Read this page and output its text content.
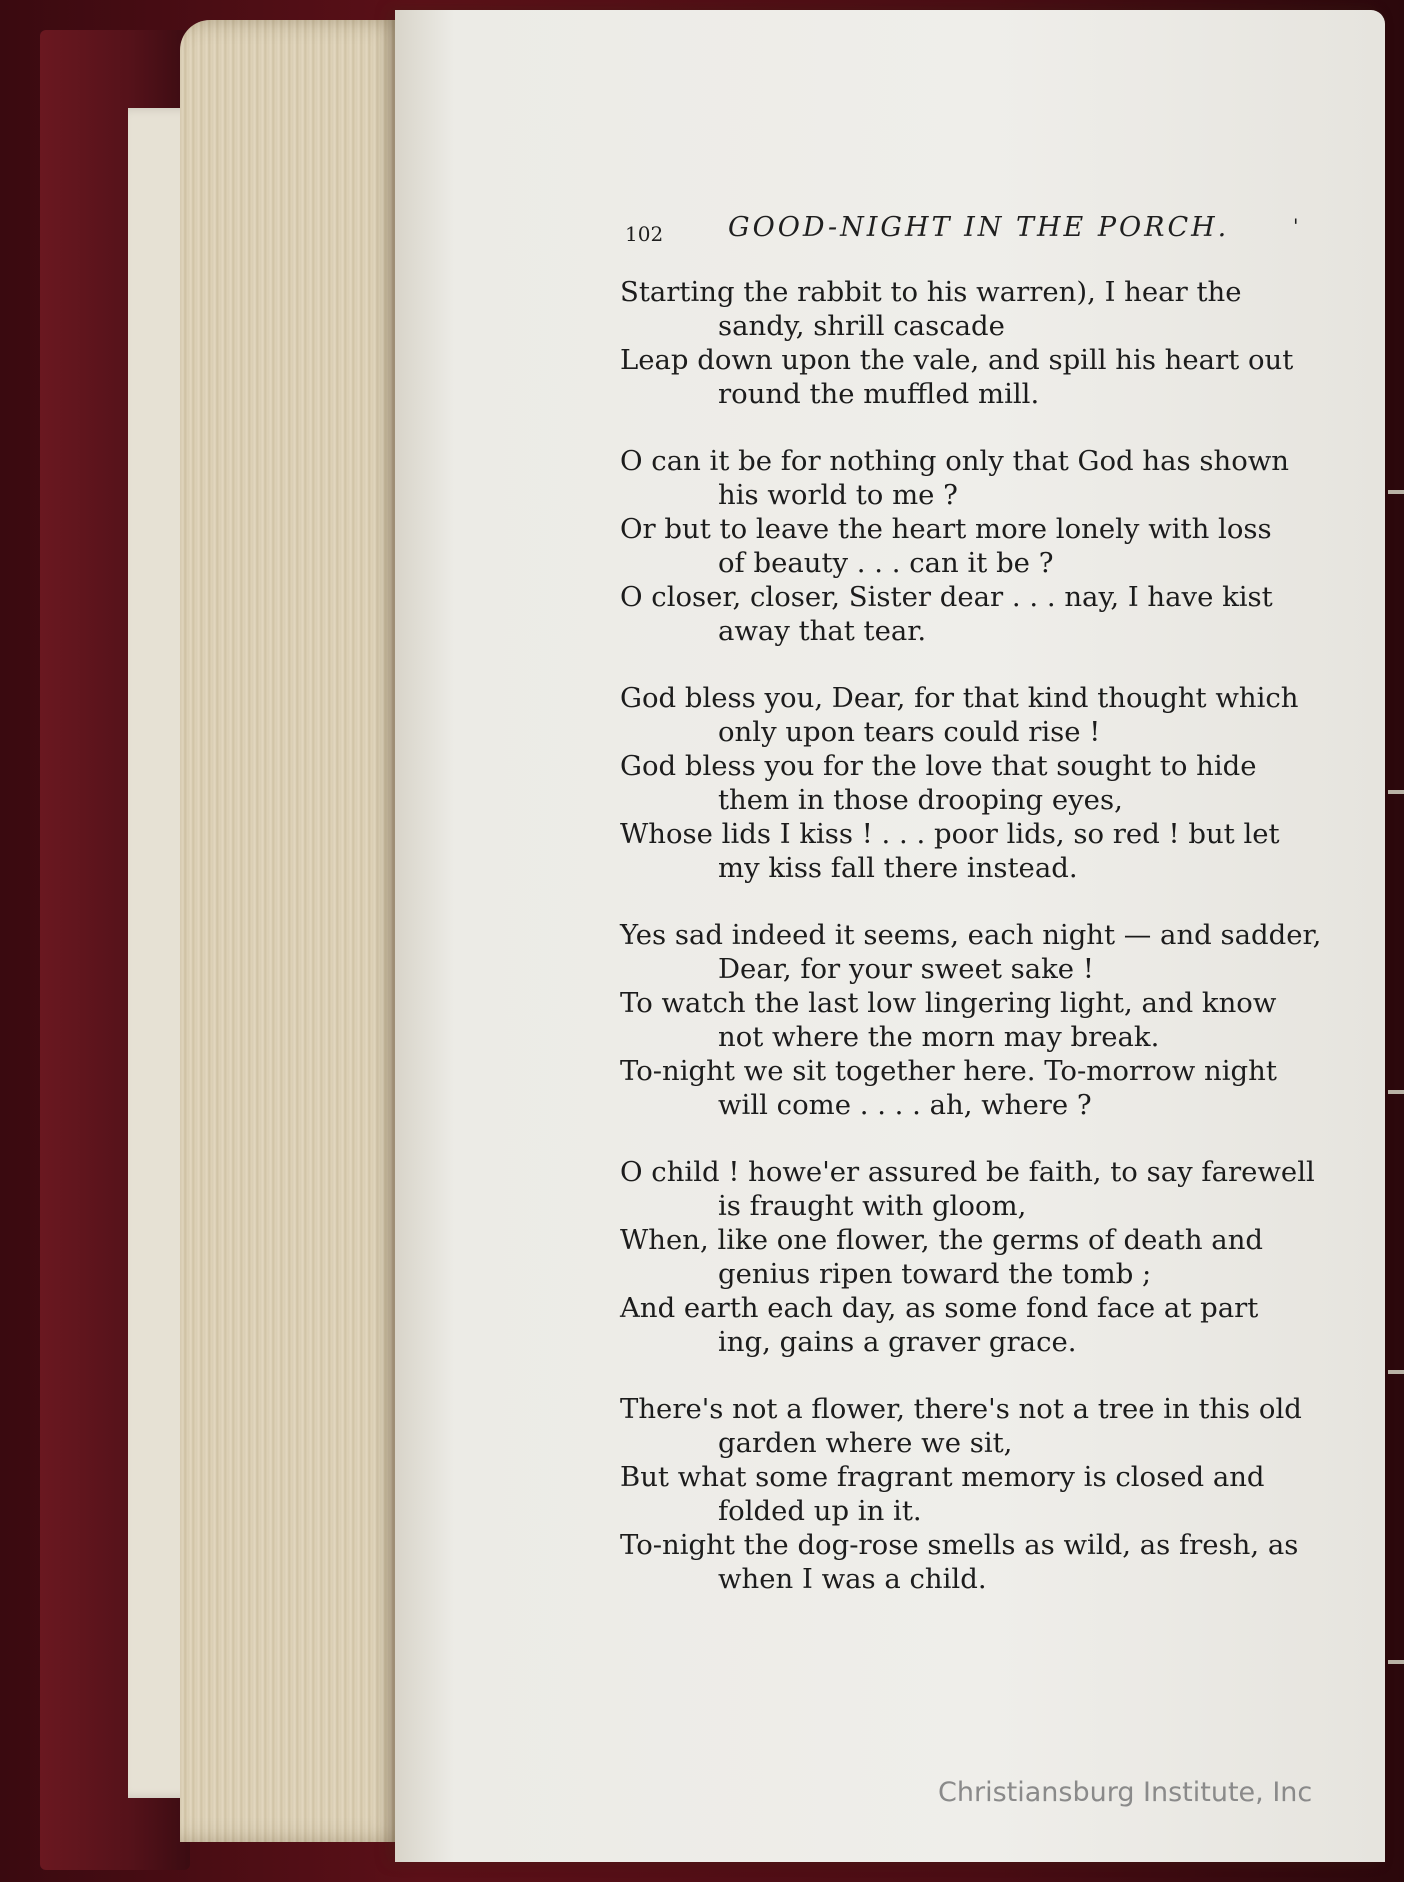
102 GOOD-NIGHT IN THE PORCH.	'
Starting the rabbit to his warren), I hear the
sandy, shrill cascade
Leap down upon the vale, and spill his heart out
round the muffled mill.
O can it be for nothing only that God has shown
his world to me ?
Or but to leave the heart more lonely with loss
of beauty . . . can it be ?
O closer, closer, Sister dear . . . nay, I have kist
away that tear.
God bless you, Dear, for that kind thought which
only upon tears could rise !
God bless you for the love that sought to hide
them in those drooping eyes,
Whose lids I kiss ! . . . poor lids, so red ! but let
my kiss fall there instead.
Yes sad indeed it seems, each night — and sadder,
Dear, for your sweet sake !
To watch the last low lingering light, and know
not where the morn may break.
To-night we sit together here. To-morrow night
will come . . . . ah, where ?
O child ! howe'er assured be faith, to say farewell
is fraught with gloom,
When, like one flower, the germs of death and
genius ripen toward the tomb ;
And earth each day, as some fond face at part
ing, gains a graver grace.
There's not a flower, there's not a tree in this old
garden where we sit,
But what some fragrant memory is closed and
folded up in it.
To-night the dog-rose smells as wild, as fresh, as
when I was a child.
Christiansburg Institute, Inc
